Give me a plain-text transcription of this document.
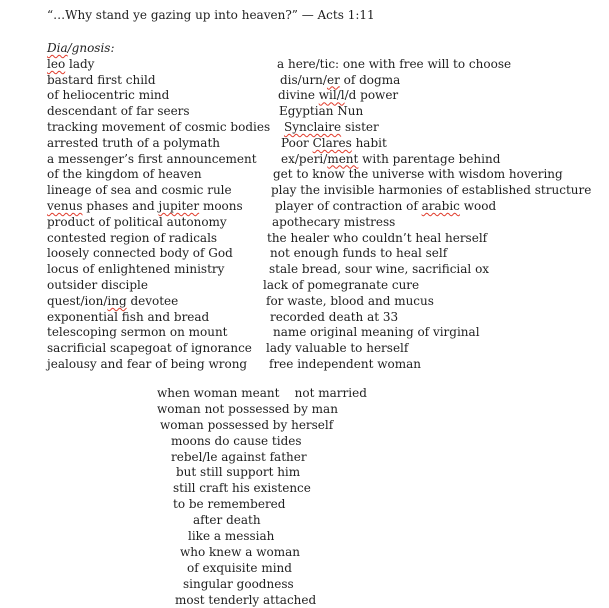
“…Why stand ye gazing up into heaven?” — Acts 1:11
Dia/gnosis:
leo lady	a here/tic: one with free will to choose
bastard first child	dis/urn/er of dogma
of heliocentric mind	divine wil/l/d power
descendant of far seers	Egyptian Nun
tracking movement of cosmic bodies	Synclaire sister
arrested truth of a polymath	Poor Clares habit
a messenger’s first announcement	ex/peri/ment with parentage behind
of the kingdom of heaven	get to know the universe with wisdom hovering
lineage of sea and cosmic rule	play the invisible harmonies of established structure
venus phases and jupiter moons	player of contraction of arabic wood
product of political autonomy	apothecary mistress
contested region of radicals	the healer who couldn’t heal herself
loosely connected body of God	not enough funds to heal self
locus of enlightened ministry	stale bread, sour wine, sacrificial ox
outsider disciple	lack of pomegranate cure
quest/ion/ing devotee	for waste, blood and mucus
exponential fish and bread	recorded death at 33
telescoping sermon on mount	name original meaning of virginal
sacrificial scapegoat of ignorance	lady valuable to herself
jealousy and fear of being wrong	free independent woman
when woman meant    not married
woman not possessed by man
woman possessed by herself
moons do cause tides
rebel/le against father
but still support him
still craft his existence
to be remembered
after death
like a messiah
who knew a woman
of exquisite mind
singular goodness
most tenderly attached
